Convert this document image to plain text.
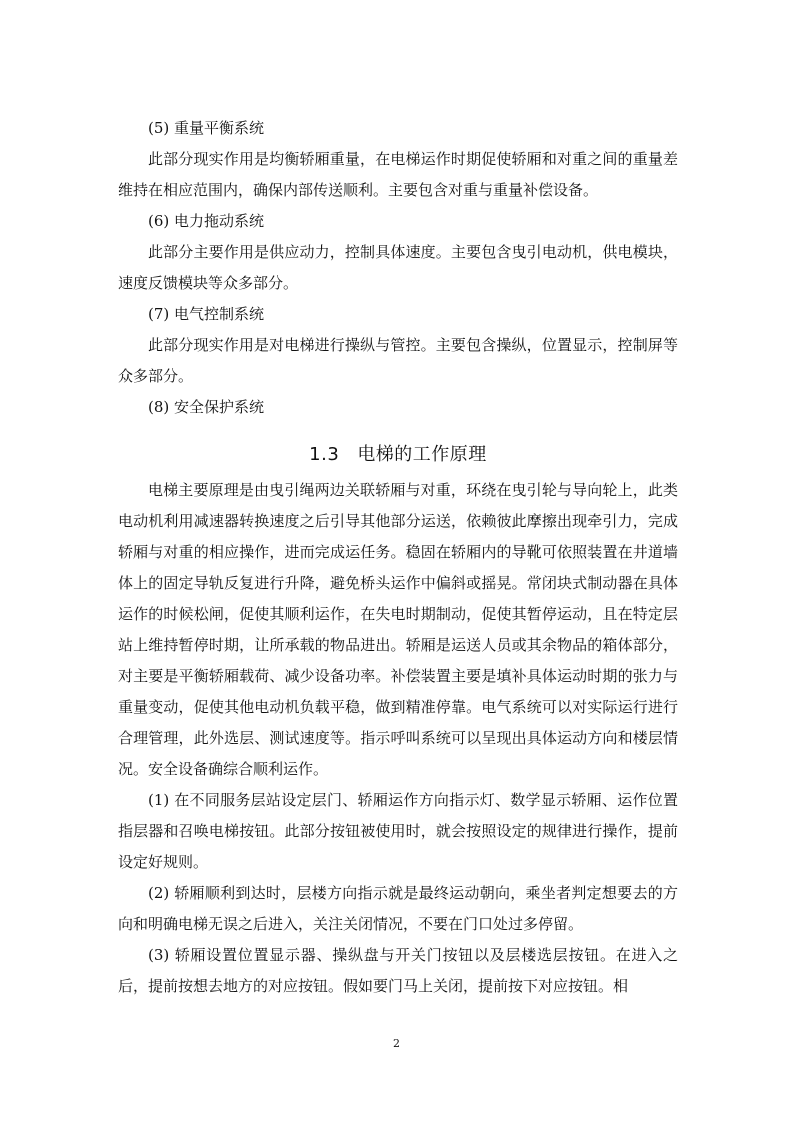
(5) 重量平衡系统

此部分现实作用是均衡轿厢重量，在电梯运作时期促使轿厢和对重之间的重量差维持在相应范围内，确保内部传送顺利。主要包含对重与重量补偿设备。

(6) 电力拖动系统

此部分主要作用是供应动力，控制具体速度。主要包含曳引电动机，供电模块，速度反馈模块等众多部分。

(7) 电气控制系统

此部分现实作用是对电梯进行操纵与管控。主要包含操纵，位置显示，控制屏等众多部分。

(8) 安全保护系统

1.3 电梯的工作原理

电梯主要原理是由曳引绳两边关联轿厢与对重，环绕在曳引轮与导向轮上，此类电动机利用减速器转换速度之后引导其他部分运送，依赖彼此摩擦出现牵引力，完成轿厢与对重的相应操作，进而完成运任务。稳固在轿厢内的导靴可依照装置在井道墙体上的固定导轨反复进行升降，避免桥头运作中偏斜或摇晃。常闭块式制动器在具体运作的时候松闸，促使其顺利运作，在失电时期制动，促使其暂停运动，且在特定层站上维持暂停时期，让所承载的物品进出。轿厢是运送人员或其余物品的箱体部分，对主要是平衡轿厢载荷、减少设备功率。补偿装置主要是填补具体运动时期的张力与重量变动，促使其他电动机负载平稳，做到精准停靠。电气系统可以对实际运行进行合理管理，此外选层、测试速度等。指示呼叫系统可以呈现出具体运动方向和楼层情况。安全设备确综合顺利运作。

(1) 在不同服务层站设定层门、轿厢运作方向指示灯、数学显示轿厢、运作位置指层器和召唤电梯按钮。此部分按钮被使用时，就会按照设定的规律进行操作，提前设定好规则。

(2) 轿厢顺利到达时，层楼方向指示就是最终运动朝向，乘坐者判定想要去的方向和明确电梯无误之后进入，关注关闭情况，不要在门口处过多停留。

(3) 轿厢设置位置显示器、操纵盘与开关门按钮以及层楼选层按钮。在进入之后，提前按想去地方的对应按钮。假如要门马上关闭，提前按下对应按钮。相

2
